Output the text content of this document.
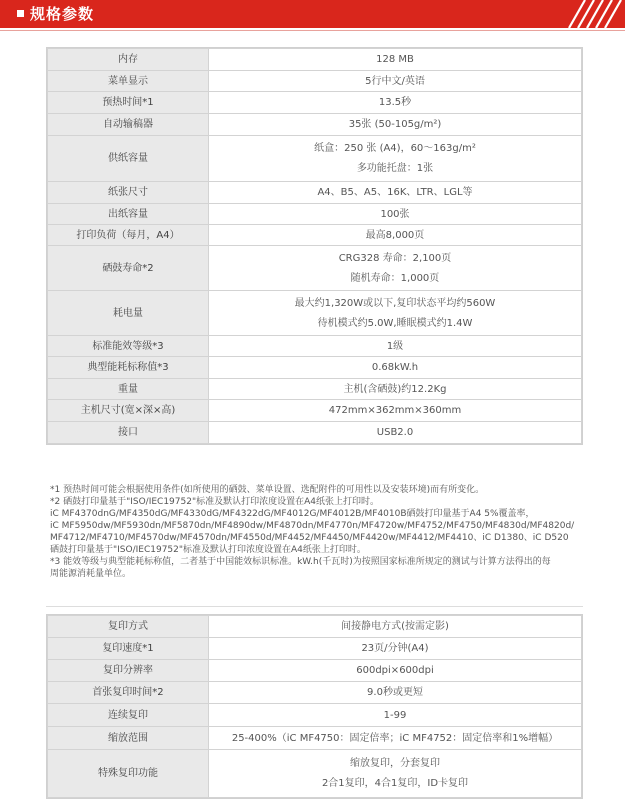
规格参数
内存	128 MB

菜单显示	5行中文/英语

预热时间*1	13.5秒

自动输稿器	35张 (50-105g/m²)

供纸容量	纸盒：250 张 (A4)，60～163g/m²
多功能托盘：1张

纸张尺寸	A4、B5、A5、16K、LTR、LGL等

出纸容量	100张

打印负荷（每月，A4）	最高8,000页

硒鼓寿命*2	CRG328 寿命：2,100页
随机寿命：1,000页

耗电量	最大约1,320W或以下,复印状态平均约560W
待机模式约5.0W,睡眠模式约1.4W

标准能效等级*3	1级

典型能耗标称值*3	0.68kW.h

重量	主机(含硒鼓)约12.2Kg

主机尺寸(宽×深×高)	472mm×362mm×360mm

接口	USB2.0
*1 预热时间可能会根据使用条件(如所使用的硒鼓、菜单设置、选配附件的可用性以及安装环境)而有所变化。
*2 硒鼓打印量基于"ISO/IEC19752"标准及默认打印浓度设置在A4纸张上打印时。
iC MF4370dnG/MF4350dG/MF4330dG/MF4322dG/MF4012G/MF4012B/MF4010B硒鼓打印量基于A4 5%覆盖率，
iC MF5950dw/MF5930dn/MF5870dn/MF4890dw/MF4870dn/MF4770n/MF4720w/MF4752/MF4750/MF4830d/MF4820d/
MF4712/MF4710/MF4570dw/MF4570dn/MF4550d/MF4452/MF4450/MF4420w/MF4412/MF4410、iC D1380、iC D520
硒鼓打印量基于"ISO/IEC19752"标准及默认打印浓度设置在A4纸张上打印时。
*3 能效等级与典型能耗标称值，二者基于中国能效标识标准。kW.h(千瓦时)为按照国家标准所规定的测试与计算方法得出的每
周能源消耗量单位。
复印方式	间接静电方式(按需定影)

复印速度*1	23页/分钟(A4)

复印分辨率	600dpi×600dpi

首张复印时间*2	9.0秒或更短

连续复印	1-99

缩放范围	25-400%（iC MF4750：固定倍率；iC MF4752：固定倍率和1%增幅）

特殊复印功能	缩放复印，分套复印
2合1复印，4合1复印，ID卡复印
